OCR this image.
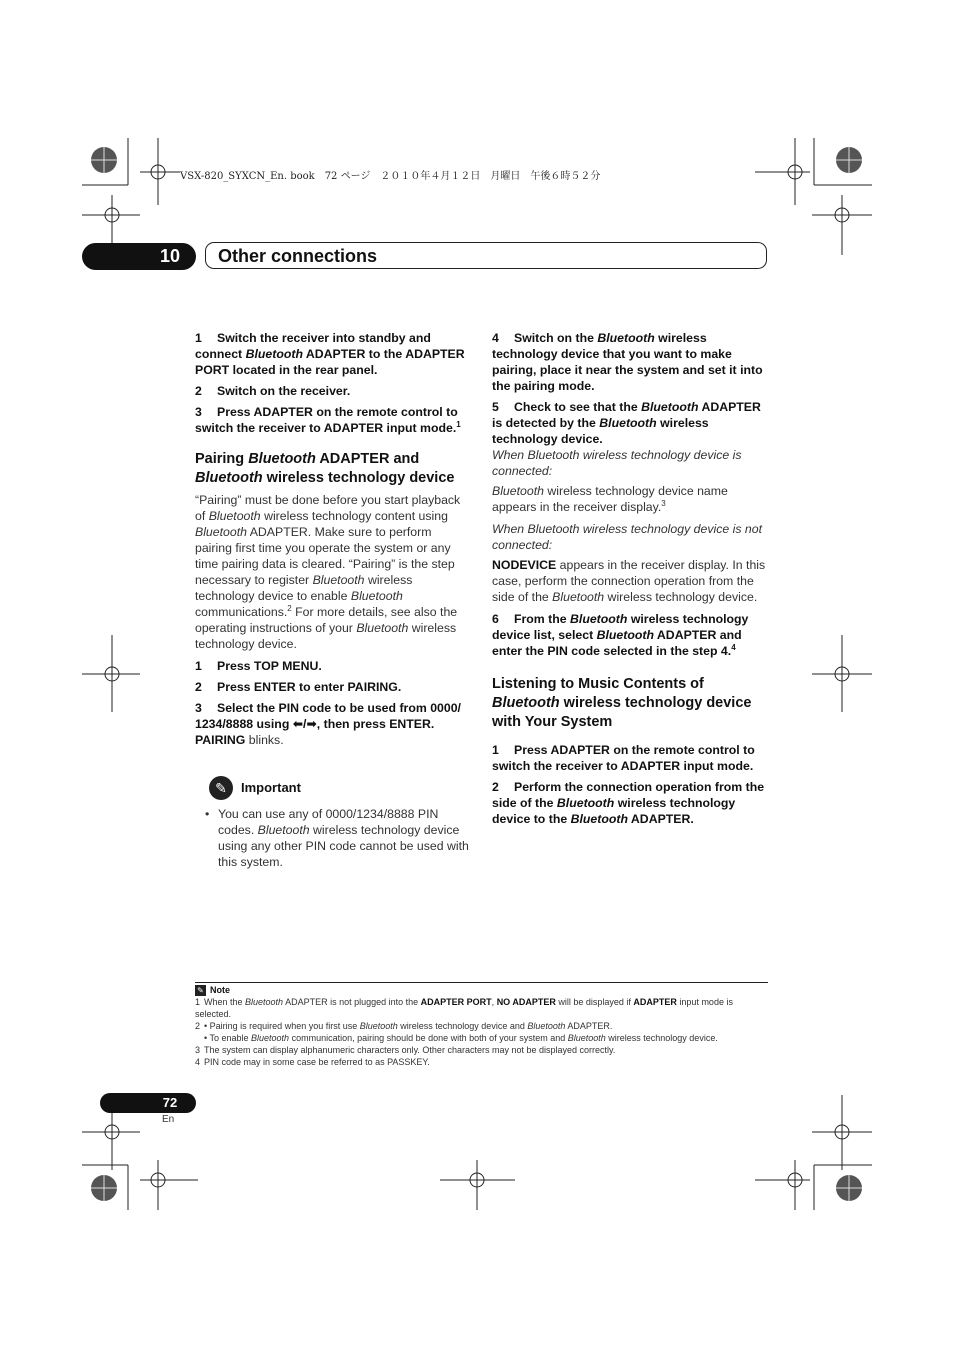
VSX-820_SYXCN_En. book　72 ページ　２０１０年４月１２日　月曜日　午後６時５２分
10	Other connections
1 Switch the receiver into standby and connect Bluetooth ADAPTER to the ADAPTER PORT located in the rear panel.
2 Switch on the receiver.
3 Press ADAPTER on the remote control to switch the receiver to ADAPTER input mode.$^1$
Pairing Bluetooth ADAPTER and Bluetooth wireless technology device
“Pairing” must be done before you start playback of Bluetooth wireless technology content using Bluetooth ADAPTER. Make sure to perform pairing first time you operate the system or any time pairing data is cleared. “Pairing” is the step necessary to register Bluetooth wireless technology device to enable Bluetooth communications.$^2$ For more details, see also the operating instructions of your Bluetooth wireless technology device.
1 Press TOP MENU.
2 Press ENTER to enter PAIRING.
3 Select the PIN code to be used from 0000/ 1234/8888 using ⬅/➡, then press ENTER.
PAIRING blinks.
✎	Important
• You can use any of 0000/1234/8888 PIN codes. Bluetooth wireless technology device using any other PIN code cannot be used with this system.
4 Switch on the Bluetooth wireless technology device that you want to make pairing, place it near the system and set it into the pairing mode.
5 Check to see that the Bluetooth ADAPTER is detected by the Bluetooth wireless technology device.
When Bluetooth wireless technology device is connected:
Bluetooth wireless technology device name appears in the receiver display.$^3$
When Bluetooth wireless technology device is not connected:
NODEVICE appears in the receiver display. In this case, perform the connection operation from the side of the Bluetooth wireless technology device.
6 From the Bluetooth wireless technology device list, select Bluetooth ADAPTER and enter the PIN code selected in the step 4.$^4$
Listening to Music Contents of Bluetooth wireless technology device with Your System
1 Press ADAPTER on the remote control to switch the receiver to ADAPTER input mode.
2 Perform the connection operation from the side of the Bluetooth wireless technology device to the Bluetooth ADAPTER.
✎ Note
1 When the Bluetooth ADAPTER is not plugged into the ADAPTER PORT, NO ADAPTER will be displayed if ADAPTER input mode is selected.
2 • Pairing is required when you first use Bluetooth wireless technology device and Bluetooth ADAPTER.
• To enable Bluetooth communication, pairing should be done with both of your system and Bluetooth wireless technology device.
3 The system can display alphanumeric characters only. Other characters may not be displayed correctly.
4 PIN code may in some case be referred to as PASSKEY.
72
En
